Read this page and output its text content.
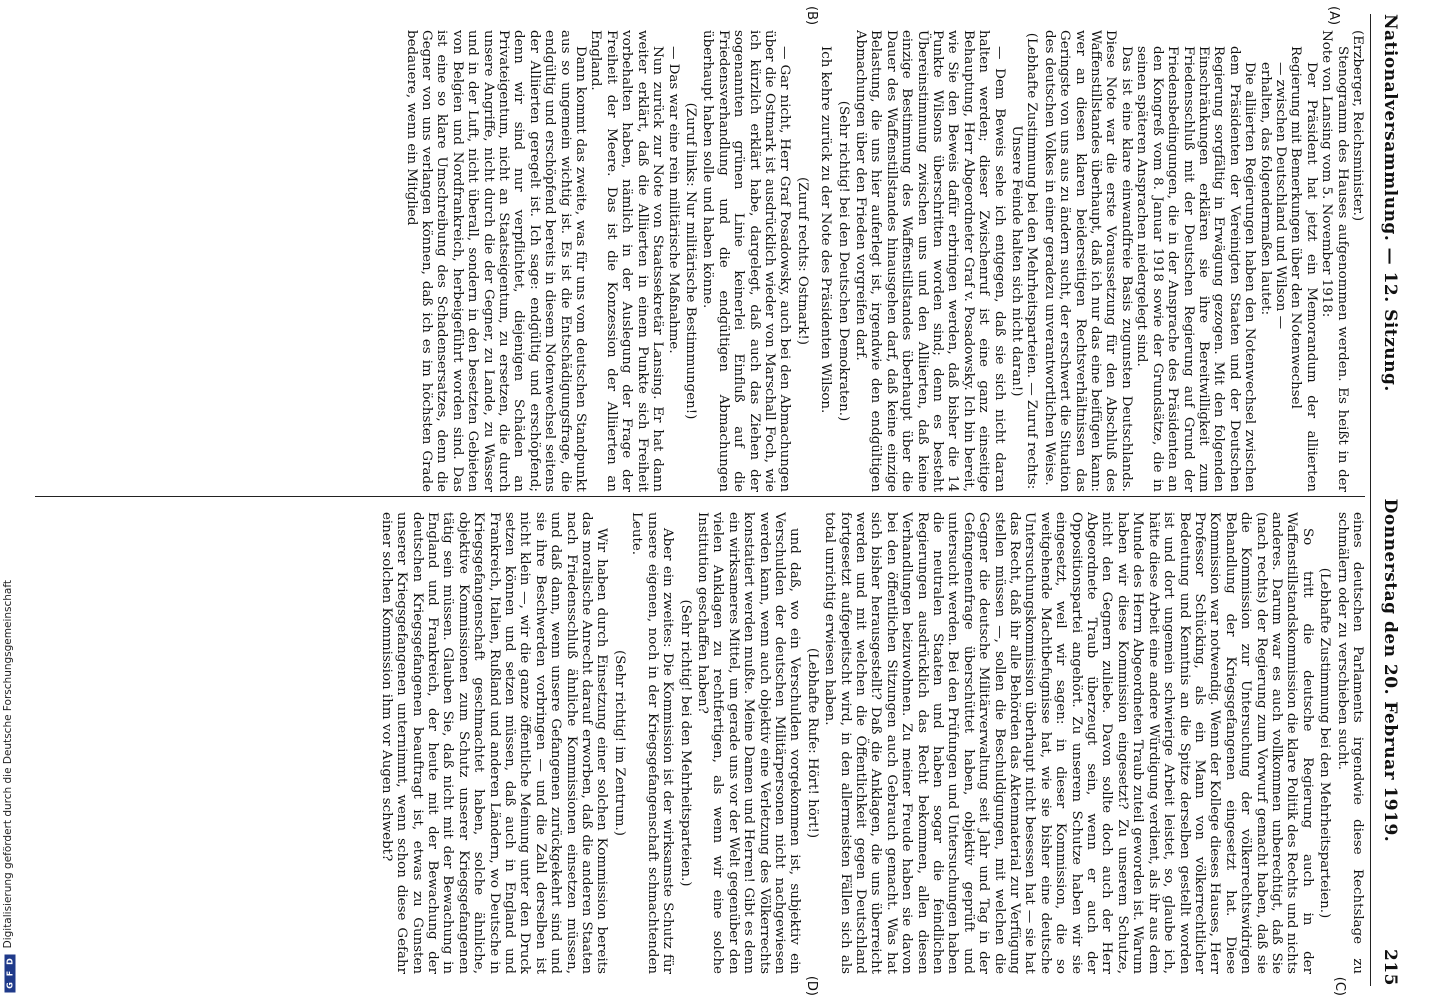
Nationalversammlung. — 12. Sitzung.
Donnerstag den 20. Februar 1919.
215
(A)
(B)
(C)
(D)

(Erzberger, Reichsminister.)

Stenogramm des Hauses aufgenommen werden. Es heißt in der Note von Lansing vom 5. November 1918:

Der Präsident hat jetzt ein Memorandum der alliierten Regierung mit Bemerkungen über den Notenwechsel

— zwischen Deutschland und Wilson —

erhalten, das folgendermaßen lautet:

Die alliierten Regierungen haben den Notenwechsel zwischen dem Präsidenten der Vereinigten Staaten und der Deutschen Regierung sorgfältig in Erwägung gezogen. Mit den folgenden Einschränkungen erklären sie ihre Bereitwilligkeit zum Friedensschluß mit der Deutschen Regierung auf Grund der Friedensbedingungen, die in der Ansprache des Präsidenten an den Kongreß vom 8. Januar 1918 sowie der Grundsätze, die in seinen späteren Ansprachen niedergelegt sind.

Das ist eine klare einwandfreie Basis zugunsten Deutschlands. Diese Note war die erste Voraussetzung für den Abschluß des Waffenstillstandes überhaupt, daß ich nur das eine beifügen kann: wer an diesen klaren beiderseitigen Rechtsverhältnissen das Geringste von uns aus zu ändern sucht, der erschwert die Situation des deutschen Volkes in einer geradezu unverantwortlichen Weise.

(Lebhafte Zustimmung bei den Mehrheitsparteien. — Zuruf rechts: Unsere Feinde halten sich nicht daran!)

— Dem Beweis sehe ich entgegen, daß sie sich nicht daran halten werden; dieser Zwischenruf ist eine ganz einseitige Behauptung, Herr Abgeordneter Graf v. Posadowsky. Ich bin bereit, wie Sie den Beweis dafür erbringen werden, daß bisher die 14 Punkte Wilsons überschritten worden sind; denn es besteht Übereinstimmung zwischen uns und den Alliierten, daß keine einzige Bestimmung des Waffenstillstandes überhaupt über die Dauer des Waffenstillstandes hinausgehen darf, daß keine einzige Belastung, die uns hier auferlegt ist, irgendwie den endgültigen Abmachungen über den Frieden vorgreifen darf.

(Sehr richtig! bei den Deutschen Demokraten.)

Ich kehre zurück zu der Note des Präsidenten Wilson.

(Zuruf rechts: Ostmark!)

— Gar nicht, Herr Graf Posadowsky, auch bei den Abmachungen über die Ostmark ist ausdrücklich wieder von Marschall Foch, wie ich kürzlich erklärt habe, dargelegt, daß auch das Ziehen der sogenannten grünen Linie keinerlei Einfluß auf die Friedensverhandlung und die endgültigen Abmachungen überhaupt haben solle und haben könne.

(Zuruf links: Nur militärische Bestimmungen!)

— Das war eine rein militärische Maßnahme.

Nun zurück zur Note von Staatssekretär Lansing. Er hat dann weiter erklärt, daß die Alliierten in einem Punkte sich Freiheit vorbehalten haben, nämlich in der Auslegung der Frage der Freiheit der Meere. Das ist die Konzession der Alliierten an England.

Dann kommt das zweite, was für uns vom deutschen Standpunkt aus so ungemein wichtig ist. Es ist die Entschädigungsfrage, die endgültig und erschöpfend bereits in diesem Notenwechsel seitens der Alliierten geregelt ist. Ich sage: endgültig und erschöpfend; denn wir sind nur verpflichtet, diejenigen Schäden an Privateigentum, nicht an Staatseigentum, zu ersetzen, die durch unsere Angriffe, nicht durch die der Gegner, zu Lande, zu Wasser und in der Luft, nicht überall, sondern in den besetzten Gebieten von Belgien und Nordfrankreich, herbeigeführt worden sind. Das ist eine so klare Umschreibung des Schadensersatzes, denn die Gegner von uns verlangen können, daß ich es im höchsten Grade bedauere, wenn ein Mitglied

eines deutschen Parlaments irgendwie diese Rechtslage zu schmälern oder zu verschieben sucht.

(Lebhafte Zustimmung bei den Mehrheitsparteien.)

So tritt die deutsche Regierung auch in der Waffenstillstandskommission die klare Politik des Rechts und nichts anderes. Darum war es auch vollkommen unberechtigt, daß Sie (nach rechts) der Regierung zum Vorwurf gemacht haben, daß sie die Kommission zur Untersuchung der völkerrechtswidrigen Behandlung der Kriegsgefangenen eingesetzt hat. Diese Kommission war notwendig. Wenn der Kollege dieses Hauses, Herr Professor Schücking, als ein Mann von völkerrechtlicher Bedeutung und Kenntnis an die Spitze derselben gestellt worden ist und dort ungemein schwierige Arbeit leistet, so, glaube ich, hätte diese Arbeit eine andere Würdigung verdient, als ihr aus dem Munde des Herrn Abgeordneten Traub zuteil geworden ist. Warum haben wir diese Kommission eingesetzt? Zu unserem Schutze, nicht den Gegnern zuliebe. Davon sollte doch auch der Herr Abgeordnete Traub überzeugt sein, wenn er auch der Oppositionspartei angehört. Zu unserem Schutze haben wir sie eingesetzt, weil wir sagen: in dieser Kommission, die so weitgehende Machtbefugnisse hat, wie sie bisher eine deutsche Untersuchungskommission überhaupt nicht besessen hat — sie hat das Recht, daß ihr alle Behörden das Aktenmaterial zur Verfügung stellen müssen —, sollen die Beschuldigungen, mit welchen die Gegner die deutsche Militärverwaltung seit Jahr und Tag in der Gefangenenfrage überschüttet haben, objektiv geprüft und untersucht werden. Bei den Prüfungen und Untersuchungen haben die neutralen Staaten und haben sogar die feindlichen Regierungen ausdrücklich das Recht bekommen, allen diesen Verhandlungen beizuwohnen. Zu meiner Freude haben sie davon bei den öffentlichen Sitzungen auch Gebrauch gemacht. Was hat sich bisher herausgestellt? Daß die Anklagen, die uns überreicht werden und mit welchen die Öffentlichkeit gegen Deutschland fortgesetzt aufgepeitscht wird, in den allermeisten Fällen sich als total unrichtig erwiesen haben.

(Lebhafte Rufe: Hört! hört!)

und daß, wo ein Verschulden vorgekommen ist, subjektiv ein Verschulden der deutschen Militärpersonen nicht nachgewiesen werden kann, wenn auch objektiv eine Verletzung des Völkerrechts konstatiert werden mußte. Meine Damen und Herren! Gibt es denn ein wirksameres Mittel, um gerade uns vor der Welt gegenüber den vielen Anklagen zu rechtfertigen, als wenn wir eine solche Institution geschaffen haben?

(Sehr richtig! bei den Mehrheitsparteien.)

Aber ein zweites: Die Kommission ist der wirksamste Schutz für unsere eigenen, noch in der Kriegsgefangenschaft schmachtenden Leute.

(Sehr richtig! im Zentrum.)

Wir haben durch Einsetzung einer solchen Kommission bereits das moralische Anrecht darauf erworben, daß die anderen Staaten nach Friedensschluß ähnliche Kommissionen einsetzen müssen, und daß dann, wenn unsere Gefangenen zurückgekehrt sind und sie ihre Beschwerden vorbringen — und die Zahl derselben ist nicht klein —, wir die ganze öffentliche Meinung unter den Druck setzen können und setzen müssen, daß auch in England und Frankreich, Italien, Rußland und anderen Ländern, wo Deutsche in Kriegsgefangenschaft geschmachtet haben, solche ähnliche, objektive Kommissionen zum Schutz unserer Kriegsgefangenen tätig sein müssen. Glauben Sie, daß nicht mit der Bewachung in England und Frankreich, der heute mit der Bewachung der deutschen Kriegsgefangenen beauftragt ist, etwas zu Gunsten unserer Kriegsgefangenen unternimmt, wenn schon diese Gefahr einer solchen Kommission ihm vor Augen schwebt?

Digitalisierung gefördert durch die Deutsche Forschungsgemeinschaft
D
F
G
